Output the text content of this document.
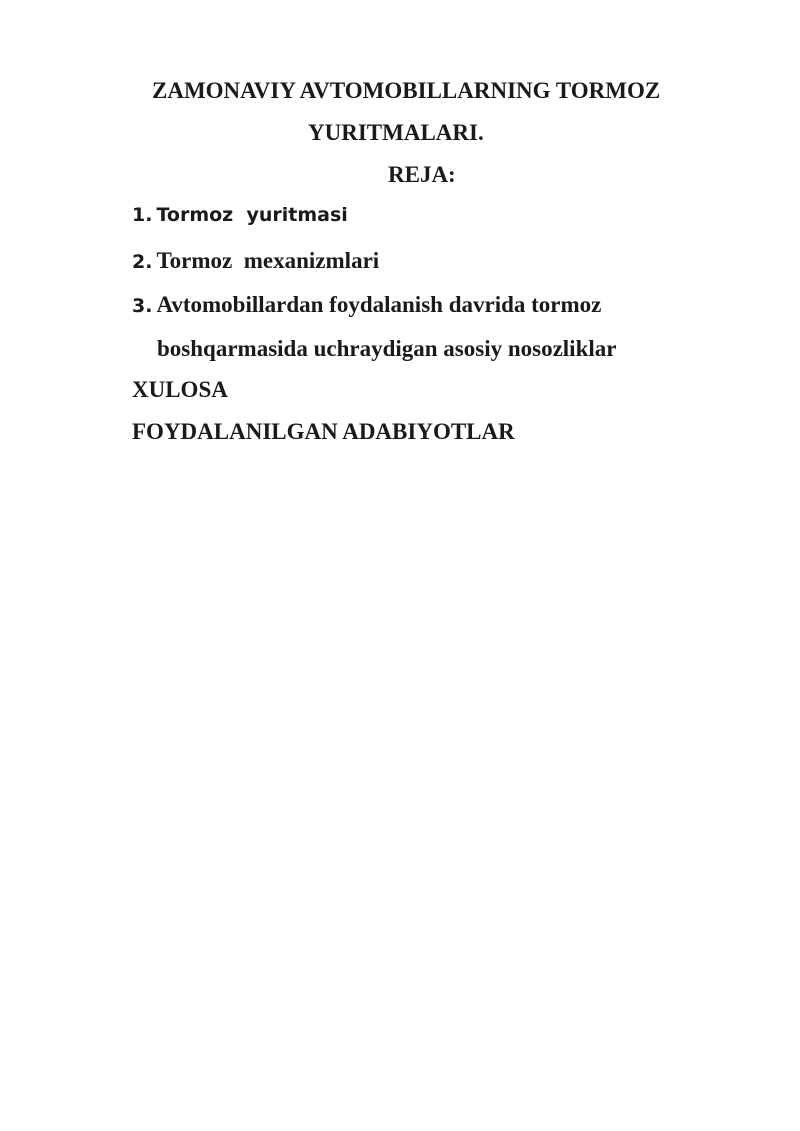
ZAMONAVIY AVTOMOBILLARNING TORMOZ
YURITMALARI.
REJA:
1. Tormoz  yuritmasi
2. Tormoz  mexanizmlari
3. Avtomobillardan foydalanish davrida tormoz
boshqarmasida uchraydigan asosiy nosozliklar
XULOSA
FOYDALANILGAN ADABIYOTLAR
